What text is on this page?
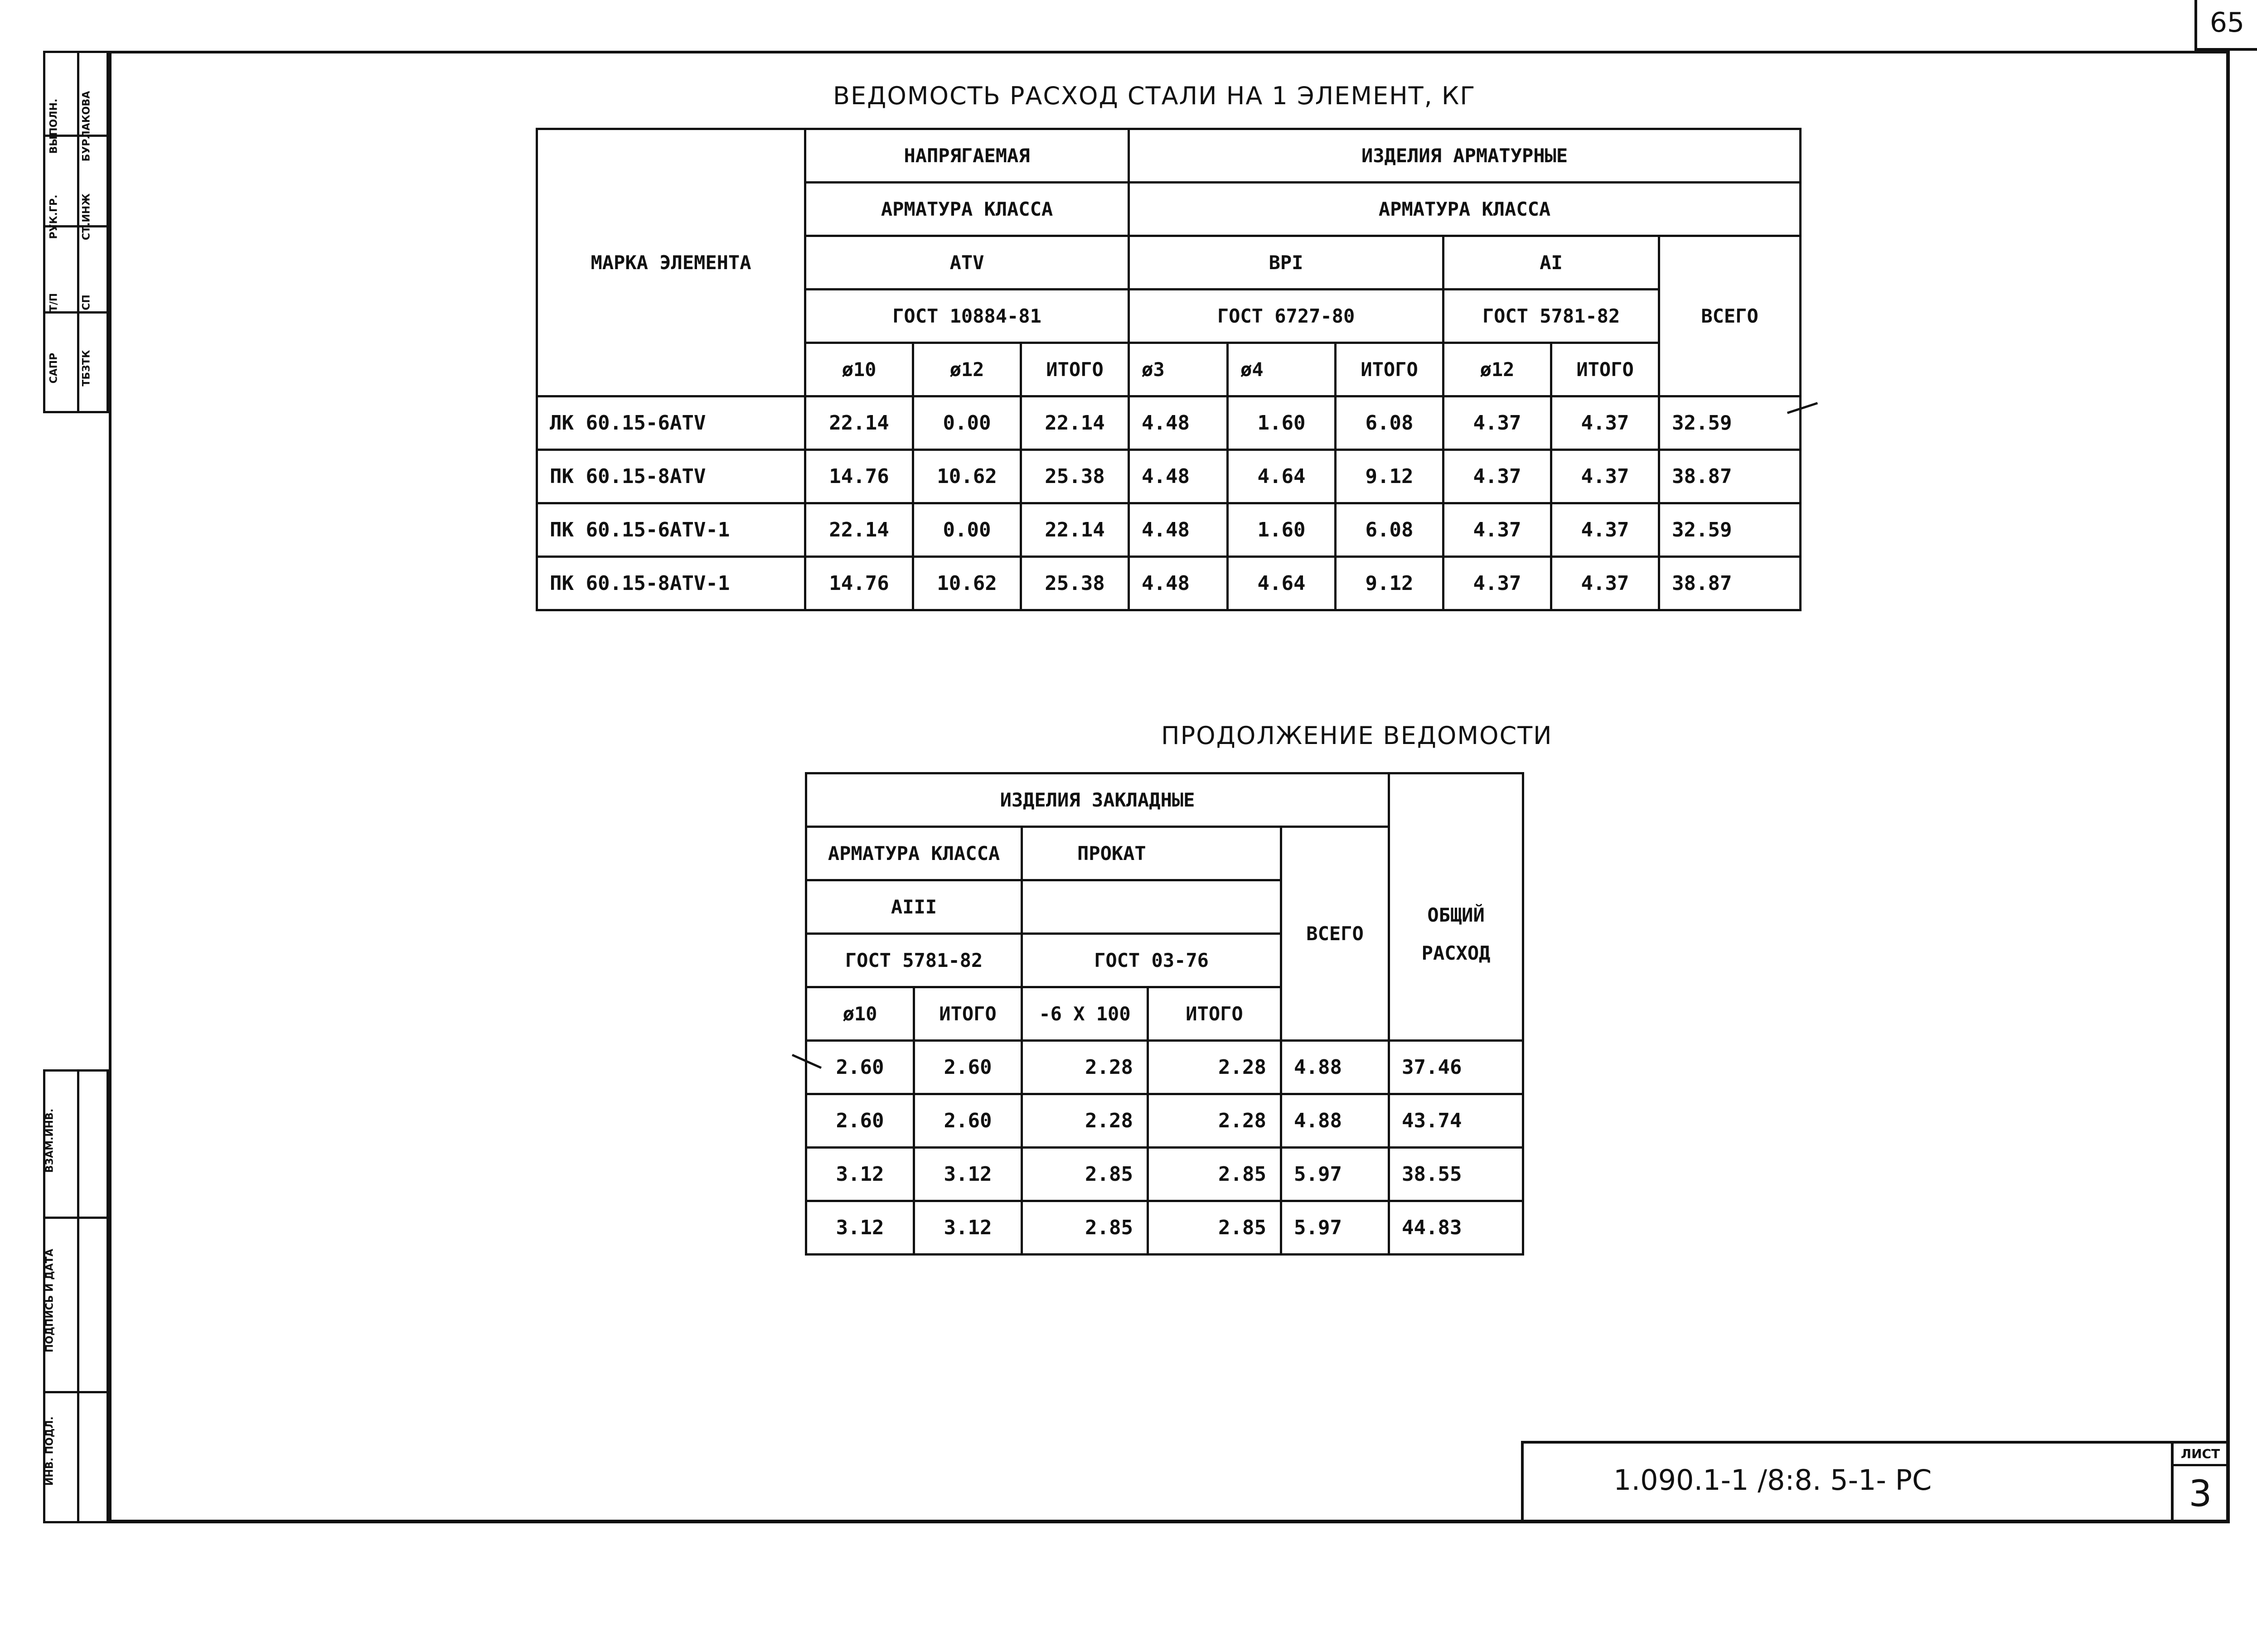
65
САПР ТБЗТК
Т/П СП
РУК.ГР. СТ.ИНЖ
ВЫПОЛН. БУРЛАКОВА
ВЗАМ.ИНВ.
ПОДПИСЬ И ДАТА
ИНВ. ПОДЛ.
ВЕДОМОСТЬ РАСХОД СТАЛИ НА 1 ЭЛЕМЕНТ, КГ
МАРКА ЭЛЕМЕНТА	НАПРЯГАЕМАЯ			ИЗДЕЛИЯ АРМАТУРНЫЕ					
	АРМАТУРА КЛАССА			АРМАТУРА КЛАССА					
	ATV			ВРI			AI		ВСЕГО
	ГОСТ 10884-81			ГОСТ 6727-80			ГОСТ 5781-82		
	ø10	ø12	ИТОГО	ø3	ø4	ИТОГО	ø12	ИТОГО	
ЛК 60.15-6АТV	22.14	0.00	22.14	4.48	1.60	6.08	4.37	4.37	32.59
ПК 60.15-8АТV	14.76	10.62	25.38	4.48	4.64	9.12	4.37	4.37	38.87
ПК 60.15-6АТV-1	22.14	0.00	22.14	4.48	1.60	6.08	4.37	4.37	32.59
ПК 60.15-8АТV-1	14.76	10.62	25.38	4.48	4.64	9.12	4.37	4.37	38.87
ПРОДОЛЖЕНИЕ ВЕДОМОСТИ
ИЗДЕЛИЯ ЗАКЛАДНЫЕ					ОБЩИЙ РАСХОД
АРМАТУРА КЛАССА		ПРОКАТ		ВСЕГО	
AIII					
ГОСТ 5781-82		ГОСТ 03-76			
ø10	ИТОГО	-6 Х 100	ИТОГО		

2.60	2.60	2.28	2.28	4.88	37.46
2.60	2.60	2.28	2.28	4.88	43.74
3.12	3.12	2.85	2.85	5.97	38.55
3.12	3.12	2.85	2.85	5.97	44.83
1.090.1-1 /8:8. 5-1- РС
ЛИСТ
3
